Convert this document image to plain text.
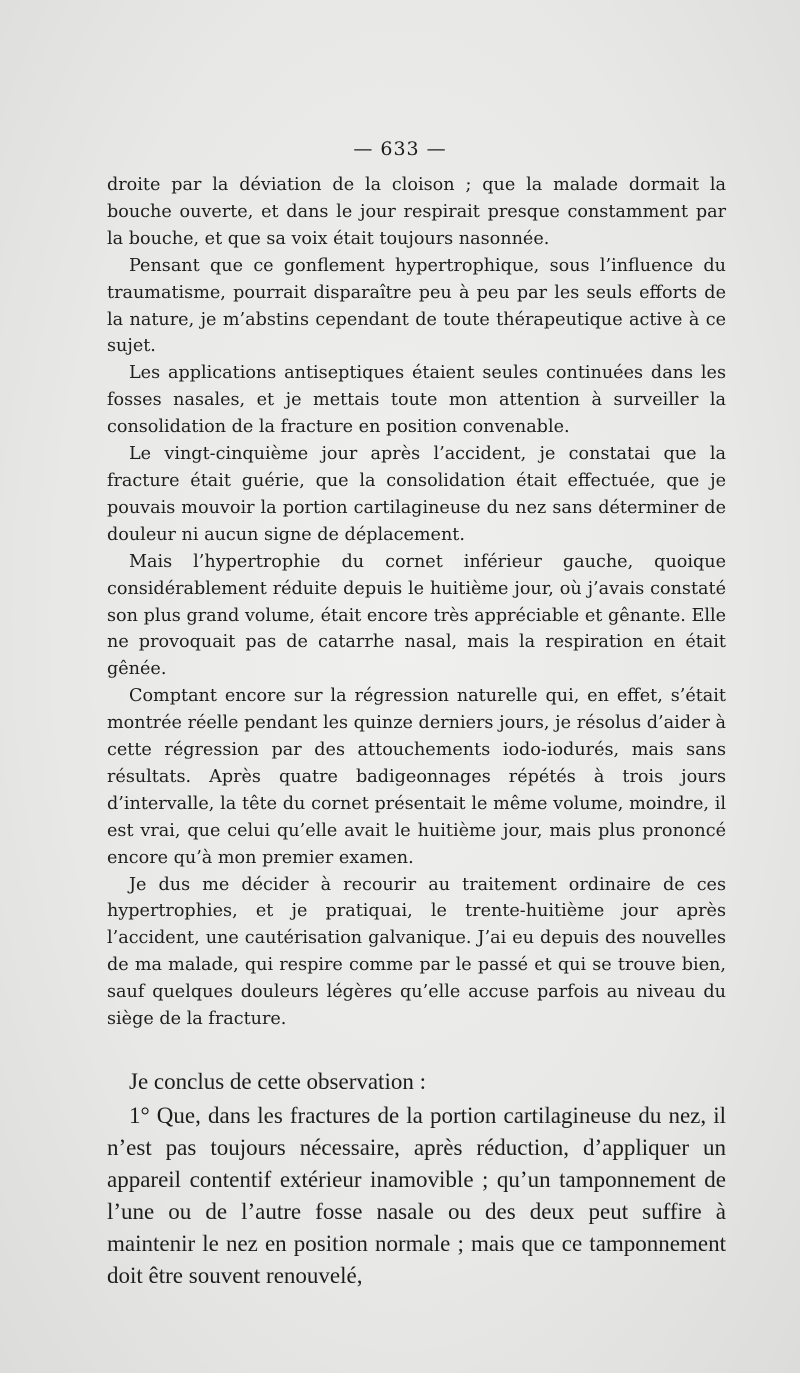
— 633 —

droite par la déviation de la cloison ; que la malade dormait la bouche ouverte, et dans le jour respirait presque constamment par la bouche, et que sa voix était toujours nasonnée.

Pensant que ce gonflement hypertrophique, sous l’influence du traumatisme, pourrait disparaître peu à peu par les seuls efforts de la nature, je m’abstins cependant de toute thérapeutique active à ce sujet.

Les applications antiseptiques étaient seules continuées dans les fosses nasales, et je mettais toute mon attention à surveiller la consolidation de la fracture en position convenable.

Le vingt-cinquième jour après l’accident, je constatai que la fracture était guérie, que la consolidation était effectuée, que je pouvais mouvoir la portion cartilagineuse du nez sans déterminer de douleur ni aucun signe de déplacement.

Mais l’hypertrophie du cornet inférieur gauche, quoique considérablement réduite depuis le huitième jour, où j’avais constaté son plus grand volume, était encore très appréciable et gênante. Elle ne provoquait pas de catarrhe nasal, mais la respiration en était gênée.

Comptant encore sur la régression naturelle qui, en effet, s’était montrée réelle pendant les quinze derniers jours, je résolus d’aider à cette régression par des attouchements iodo-iodurés, mais sans résultats. Après quatre badigeonnages répétés à trois jours d’intervalle, la tête du cornet présentait le même volume, moindre, il est vrai, que celui qu’elle avait le huitième jour, mais plus prononcé encore qu’à mon premier examen.

Je dus me décider à recourir au traitement ordinaire de ces hypertrophies, et je pratiquai, le trente-huitième jour après l’accident, une cautérisation galvanique. J’ai eu depuis des nouvelles de ma malade, qui respire comme par le passé et qui se trouve bien, sauf quelques douleurs légères qu’elle accuse parfois au niveau du siège de la fracture.

Je conclus de cette observation :

1° Que, dans les fractures de la portion cartilagineuse du nez, il n’est pas toujours nécessaire, après réduction, d’appliquer un appareil contentif extérieur inamovible ; qu’un tamponnement de l’une ou de l’autre fosse nasale ou des deux peut suffire à maintenir le nez en position normale ; mais que ce tamponnement doit être souvent renouvelé,
